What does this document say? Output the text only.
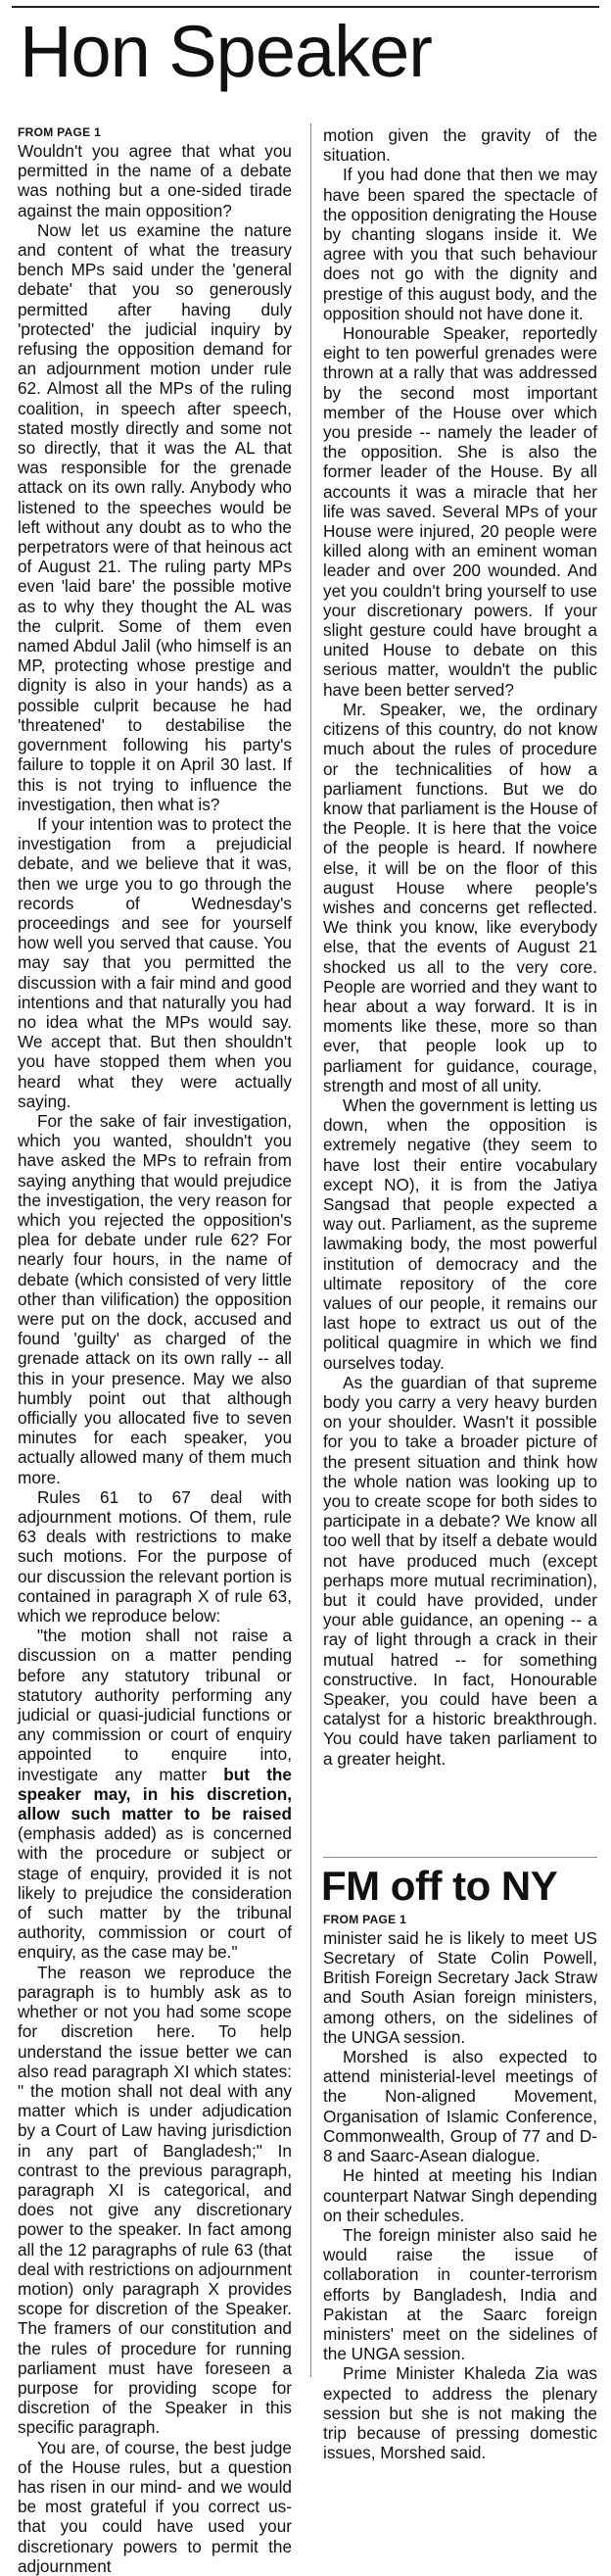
Hon Speaker
FROM PAGE 1

Wouldn't you agree that what you permitted in the name of a debate was nothing but a one-sided tirade against the main opposition?

Now let us examine the nature and content of what the treasury bench MPs said under the 'general debate' that you so generously permitted after having duly 'protected' the judicial inquiry by refusing the opposition demand for an adjournment motion under rule 62. Almost all the MPs of the ruling coalition, in speech after speech, stated mostly directly and some not so directly, that it was the AL that was responsible for the grenade attack on its own rally. Anybody who listened to the speeches would be left without any doubt as to who the perpetrators were of that heinous act of August 21. The ruling party MPs even 'laid bare' the possible motive as to why they thought the AL was the culprit. Some of them even named Abdul Jalil (who himself is an MP, protecting whose prestige and dignity is also in your hands) as a possible culprit because he had 'threatened' to destabilise the government following his party's failure to topple it on April 30 last. If this is not trying to influence the investigation, then what is?

If your intention was to protect the investigation from a prejudicial debate, and we believe that it was, then we urge you to go through the records of Wednesday's proceedings and see for yourself how well you served that cause. You may say that you permitted the discussion with a fair mind and good intentions and that naturally you had no idea what the MPs would say. We accept that. But then shouldn't you have stopped them when you heard what they were actually saying.

For the sake of fair investigation, which you wanted, shouldn't you have asked the MPs to refrain from saying anything that would prejudice the investigation, the very reason for which you rejected the opposition's plea for debate under rule 62? For nearly four hours, in the name of debate (which consisted of very little other than vilification) the opposition were put on the dock, accused and found 'guilty' as charged of the grenade attack on its own rally -- all this in your presence. May we also humbly point out that although officially you allocated five to seven minutes for each speaker, you actually allowed many of them much more.

Rules 61 to 67 deal with adjournment motions. Of them, rule 63 deals with restrictions to make such motions. For the purpose of our discussion the relevant portion is contained in paragraph X of rule 63, which we reproduce below:

"the motion shall not raise a discussion on a matter pending before any statutory tribunal or statutory authority performing any judicial or quasi-judicial functions or any commission or court of enquiry appointed to enquire into, investigate any matter but the speaker may, in his discretion, allow such matter to be raised (emphasis added) as is concerned with the procedure or subject or stage of enquiry, provided it is not likely to prejudice the consideration of such matter by the tribunal authority, commission or court of enquiry, as the case may be."

The reason we reproduce the paragraph is to humbly ask as to whether or not you had some scope for discretion here. To help understand the issue better we can also read paragraph XI which states: " the motion shall not deal with any matter which is under adjudication by a Court of Law having jurisdiction in any part of Bangladesh;" In contrast to the previous paragraph, paragraph XI is categorical, and does not give any discretionary power to the speaker. In fact among all the 12 paragraphs of rule 63 (that deal with restrictions on adjournment motion) only paragraph X provides scope for discretion of the Speaker. The framers of our constitution and the rules of procedure for running parliament must have foreseen a purpose for providing scope for discretion of the Speaker in this specific paragraph.

You are, of course, the best judge of the House rules, but a question has risen in our mind- and we would be most grateful if you correct us- that you could have used your discretionary powers to permit the adjournment

motion given the gravity of the situation.

If you had done that then we may have been spared the spectacle of the opposition denigrating the House by chanting slogans inside it. We agree with you that such behaviour does not go with the dignity and prestige of this august body, and the opposition should not have done it.

Honourable Speaker, reportedly eight to ten powerful grenades were thrown at a rally that was addressed by the second most important member of the House over which you preside -- namely the leader of the opposition. She is also the former leader of the House. By all accounts it was a miracle that her life was saved. Several MPs of your House were injured, 20 people were killed along with an eminent woman leader and over 200 wounded. And yet you couldn't bring yourself to use your discretionary powers. If your slight gesture could have brought a united House to debate on this serious matter, wouldn't the public have been better served?

Mr. Speaker, we, the ordinary citizens of this country, do not know much about the rules of procedure or the technicalities of how a parliament functions. But we do know that parliament is the House of the People. It is here that the voice of the people is heard. If nowhere else, it will be on the floor of this august House where people's wishes and concerns get reflected. We think you know, like everybody else, that the events of August 21 shocked us all to the very core. People are worried and they want to hear about a way forward. It is in moments like these, more so than ever, that people look up to parliament for guidance, courage, strength and most of all unity.

When the government is letting us down, when the opposition is extremely negative (they seem to have lost their entire vocabulary except NO), it is from the Jatiya Sangsad that people expected a way out. Parliament, as the supreme lawmaking body, the most powerful institution of democracy and the ultimate repository of the core values of our people, it remains our last hope to extract us out of the political quagmire in which we find ourselves today.

As the guardian of that supreme body you carry a very heavy burden on your shoulder. Wasn't it possible for you to take a broader picture of the present situation and think how the whole nation was looking up to you to create scope for both sides to participate in a debate? We know all too well that by itself a debate would not have produced much (except perhaps more mutual recrimination), but it could have provided, under your able guidance, an opening -- a ray of light through a crack in their mutual hatred -- for something constructive. In fact, Honourable Speaker, you could have been a catalyst for a historic breakthrough. You could have taken parliament to a greater height.

FM off to NY
FROM PAGE 1

minister said he is likely to meet US Secretary of State Colin Powell, British Foreign Secretary Jack Straw and South Asian foreign ministers, among others, on the sidelines of the UNGA session.

Morshed is also expected to attend ministerial-level meetings of the Non-aligned Movement, Organisation of Islamic Conference, Commonwealth, Group of 77 and D-8 and Saarc-Asean dialogue.

He hinted at meeting his Indian counterpart Natwar Singh depending on their schedules.

The foreign minister also said he would raise the issue of collaboration in counter-terrorism efforts by Bangladesh, India and Pakistan at the Saarc foreign ministers' meet on the sidelines of the UNGA session.

Prime Minister Khaleda Zia was expected to address the plenary session but she is not making the trip because of pressing domestic issues, Morshed said.
